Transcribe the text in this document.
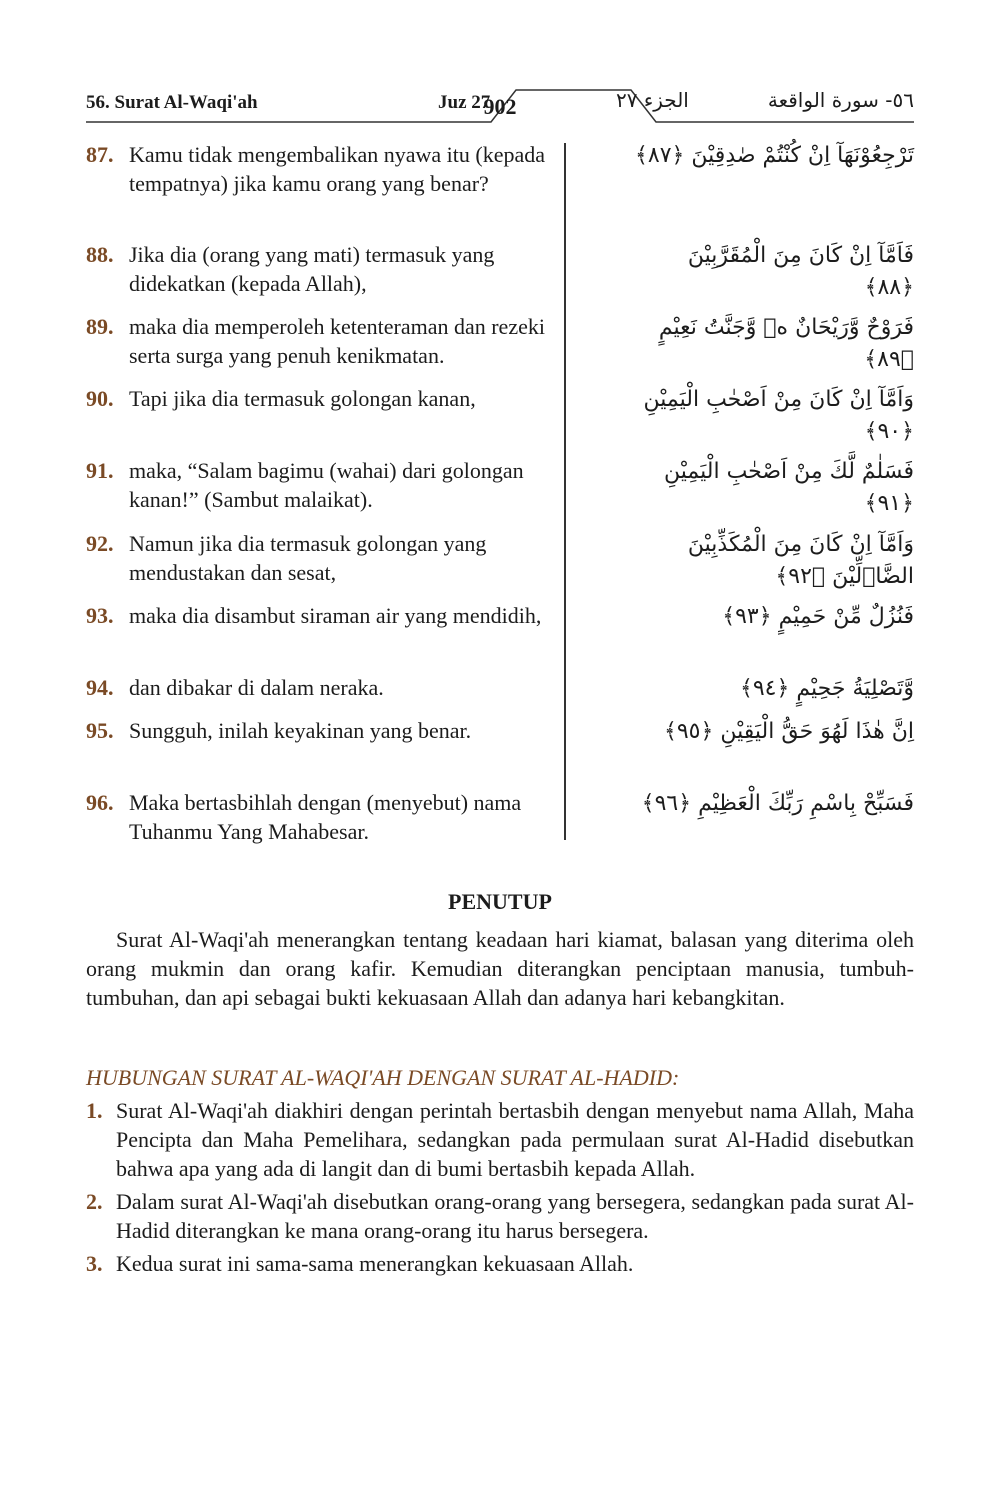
56. Surat Al-Waqi'ah	Juz 27
902	الجزء ٢٧	٥٦- سورة الواقعة
87. Kamu tidak mengembalikan nyawa itu (kepada tempatnya) jika kamu orang yang benar?
تَرْجِعُوْنَهَآ اِنْ كُنْتُمْ صٰدِقِيْنَ ﴿٨٧﴾
88. Jika dia (orang yang mati) termasuk yang didekatkan (kepada Allah),
فَاَمَّآ اِنْ كَانَ مِنَ الْمُقَرَّبِيْنَ ﴿٨٨﴾
89. maka dia memperoleh ketenteraman dan rezeki serta surga yang penuh kenikmatan.
فَرَوْحٌ وَّرَيْحَانٌ ەۙ وَّجَنَّتُ نَعِيْمٍ ﴿٨٩﴾
90. Tapi jika dia termasuk golongan kanan,	وَاَمَّآ اِنْ كَانَ مِنْ اَصْحٰبِ الْيَمِيْنِ ﴿٩٠﴾
91. maka, “Salam bagimu (wahai) dari golongan kanan!” (Sambut malaikat).
فَسَلٰمٌ لَّكَ مِنْ اَصْحٰبِ الْيَمِيْنِ ﴿٩١﴾
92. Namun jika dia termasuk golongan yang mendustakan dan sesat,
وَاَمَّآ اِنْ كَانَ مِنَ الْمُكَذِّبِيْنَ الضَّاۤلِّيْنَ ﴿٩٢﴾
93. maka dia disambut siraman air yang mendidih,	فَنُزُلٌ مِّنْ حَمِيْمٍ ﴿٩٣﴾
94. dan dibakar di dalam neraka.	وَّتَصْلِيَةُ جَحِيْمٍ ﴿٩٤﴾
95. Sungguh, inilah keyakinan yang benar.	اِنَّ هٰذَا لَهُوَ حَقُّ الْيَقِيْنِ ﴿٩٥﴾
96. Maka bertasbihlah dengan (menyebut) nama Tuhanmu Yang Mahabesar.
فَسَبِّحْ بِاسْمِ رَبِّكَ الْعَظِيْمِ ﴿٩٦﴾
PENUTUP

Surat Al-Waqi'ah menerangkan tentang keadaan hari kiamat, balasan yang diterima oleh orang mukmin dan orang kafir. Kemudian diterangkan penciptaan manusia, tumbuh-tumbuhan, dan api sebagai bukti kekuasaan Allah dan adanya hari kebangkitan.

HUBUNGAN SURAT AL-WAQI'AH DENGAN SURAT AL-HADID:
1. Surat Al-Waqi'ah diakhiri dengan perintah bertasbih dengan menyebut nama Allah, Maha Pencipta dan Maha Pemelihara, sedangkan pada permulaan surat Al-Hadid disebutkan bahwa apa yang ada di langit dan di bumi bertasbih kepada Allah.
2. Dalam surat Al-Waqi'ah disebutkan orang-orang yang bersegera, sedangkan pada surat Al-Hadid diterangkan ke mana orang-orang itu harus bersegera.
3. Kedua surat ini sama-sama menerangkan kekuasaan Allah.
